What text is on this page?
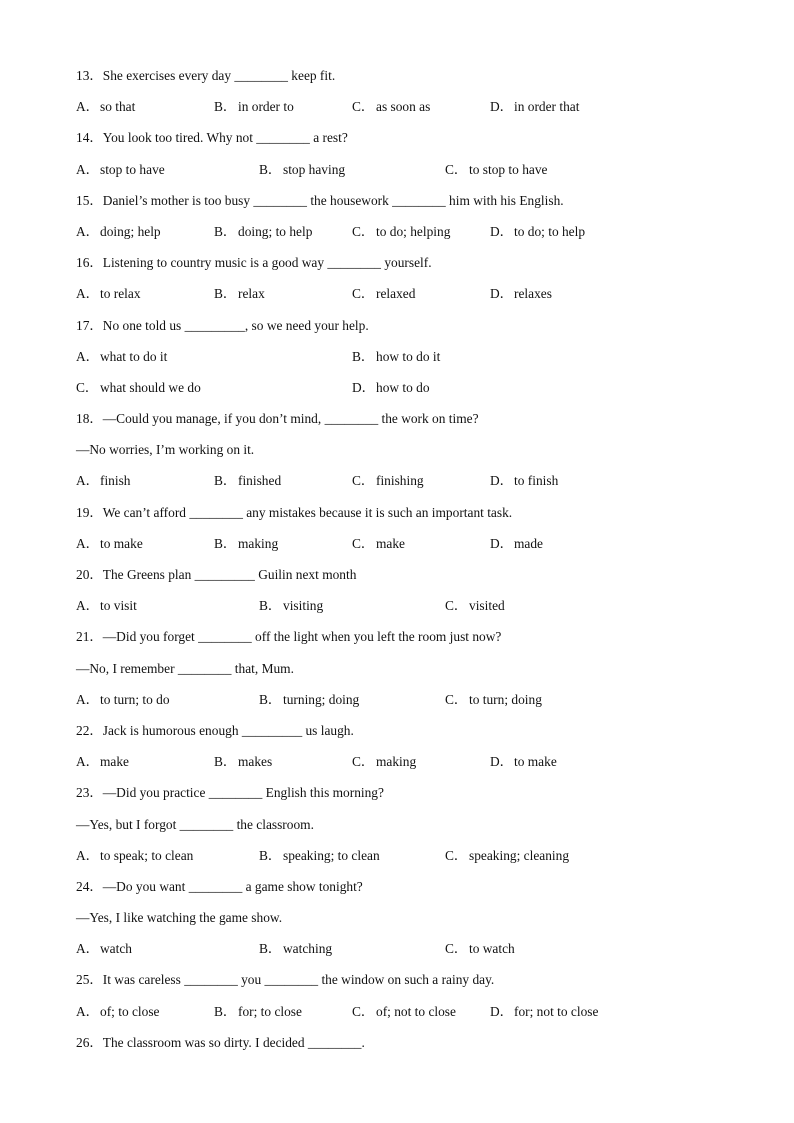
13．She exercises every day ________ keep fit.
A．so that	B． in order to	C． as soon as	D．in order that
14．You look too tired. Why not ________ a rest?
A．stop to have	B． stop having	C． to stop to have
15．Daniel’s mother is too busy ________ the housework ________ him with his English.
A．doing; help	B． doing; to help	C． to do; helping	D．to do; to help
16．Listening to country music is a good way ________ yourself.
A．to relax	B． relax	C． relaxed	D．relaxes
17．No one told us _________, so we need your help.
A．what to do it	B． how to do it
C． what should we do	D．how to do
18．—Could you manage, if you don’t mind, ________ the work on time?
—No worries, I’m working on it.
A．finish	B． finished	C． finishing	D．to finish
19．We can’t afford ________ any mistakes because it is such an important task.
A．to make	B． making	C． make	D．made
20．The Greens plan _________ Guilin next month
A．to visit	B． visiting	C． visited
21．—Did you forget ________ off the light when you left the room just now?
—No, I remember ________ that, Mum.
A．to turn; to do	B． turning; doing	C． to turn; doing
22．Jack is humorous enough _________ us laugh.
A．make	B． makes	C． making	D．to make
23．—Did you practice ________ English this morning?
—Yes, but I forgot ________ the classroom.
A．to speak; to clean	B． speaking; to clean	C． speaking; cleaning
24．—Do you want ________ a game show tonight?
—Yes, I like watching the game show.
A．watch	B． watching	C． to watch
25．It was careless ________ you ________ the window on such a rainy day.
A．of; to close	B． for; to close	C． of; not to close	D．for; not to close
26．The classroom was so dirty. I decided ________.
